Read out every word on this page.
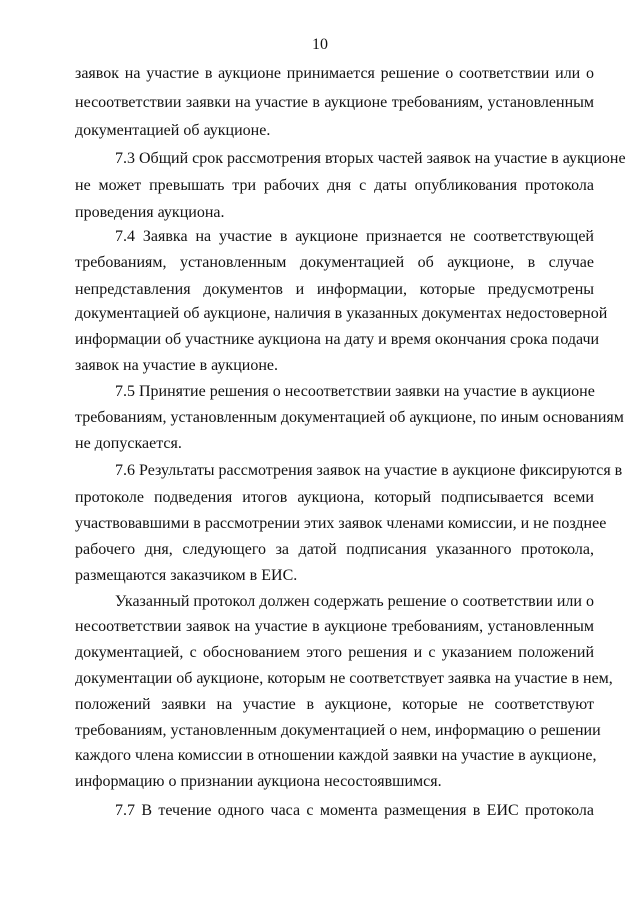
10
заявок на участие в аукционе принимается решение о соответствии или о
несоответствии заявки на участие в аукционе требованиям, установленным
документацией об аукционе.
7.3 Общий срок рассмотрения вторых частей заявок на участие в аукционе
не может превышать три рабочих дня с даты опубликования протокола
проведения аукциона.
7.4 Заявка на участие в аукционе признается не соответствующей
требованиям, установленным документацией об аукционе, в случае
непредставления документов и информации, которые предусмотрены
документацией об аукционе, наличия в указанных документах недостоверной
информации об участнике аукциона на дату и время окончания срока подачи
заявок на участие в аукционе.
7.5 Принятие решения о несоответствии заявки на участие в аукционе
требованиям, установленным документацией об аукционе, по иным основаниям
не допускается.
7.6 Результаты рассмотрения заявок на участие в аукционе фиксируются в
протоколе подведения итогов аукциона, который подписывается всеми
участвовавшими в рассмотрении этих заявок членами комиссии, и не позднее
рабочего дня, следующего за датой подписания указанного протокола,
размещаются заказчиком в ЕИС.
Указанный протокол должен содержать решение о соответствии или о
несоответствии заявок на участие в аукционе требованиям, установленным
документацией, с обоснованием этого решения и с указанием положений
документации об аукционе, которым не соответствует заявка на участие в нем,
положений заявки на участие в аукционе, которые не соответствуют
требованиям, установленным документацией о нем, информацию о решении
каждого члена комиссии в отношении каждой заявки на участие в аукционе,
информацию о признании аукциона несостоявшимся.
7.7 В течение одного часа с момента размещения в ЕИС протокола
